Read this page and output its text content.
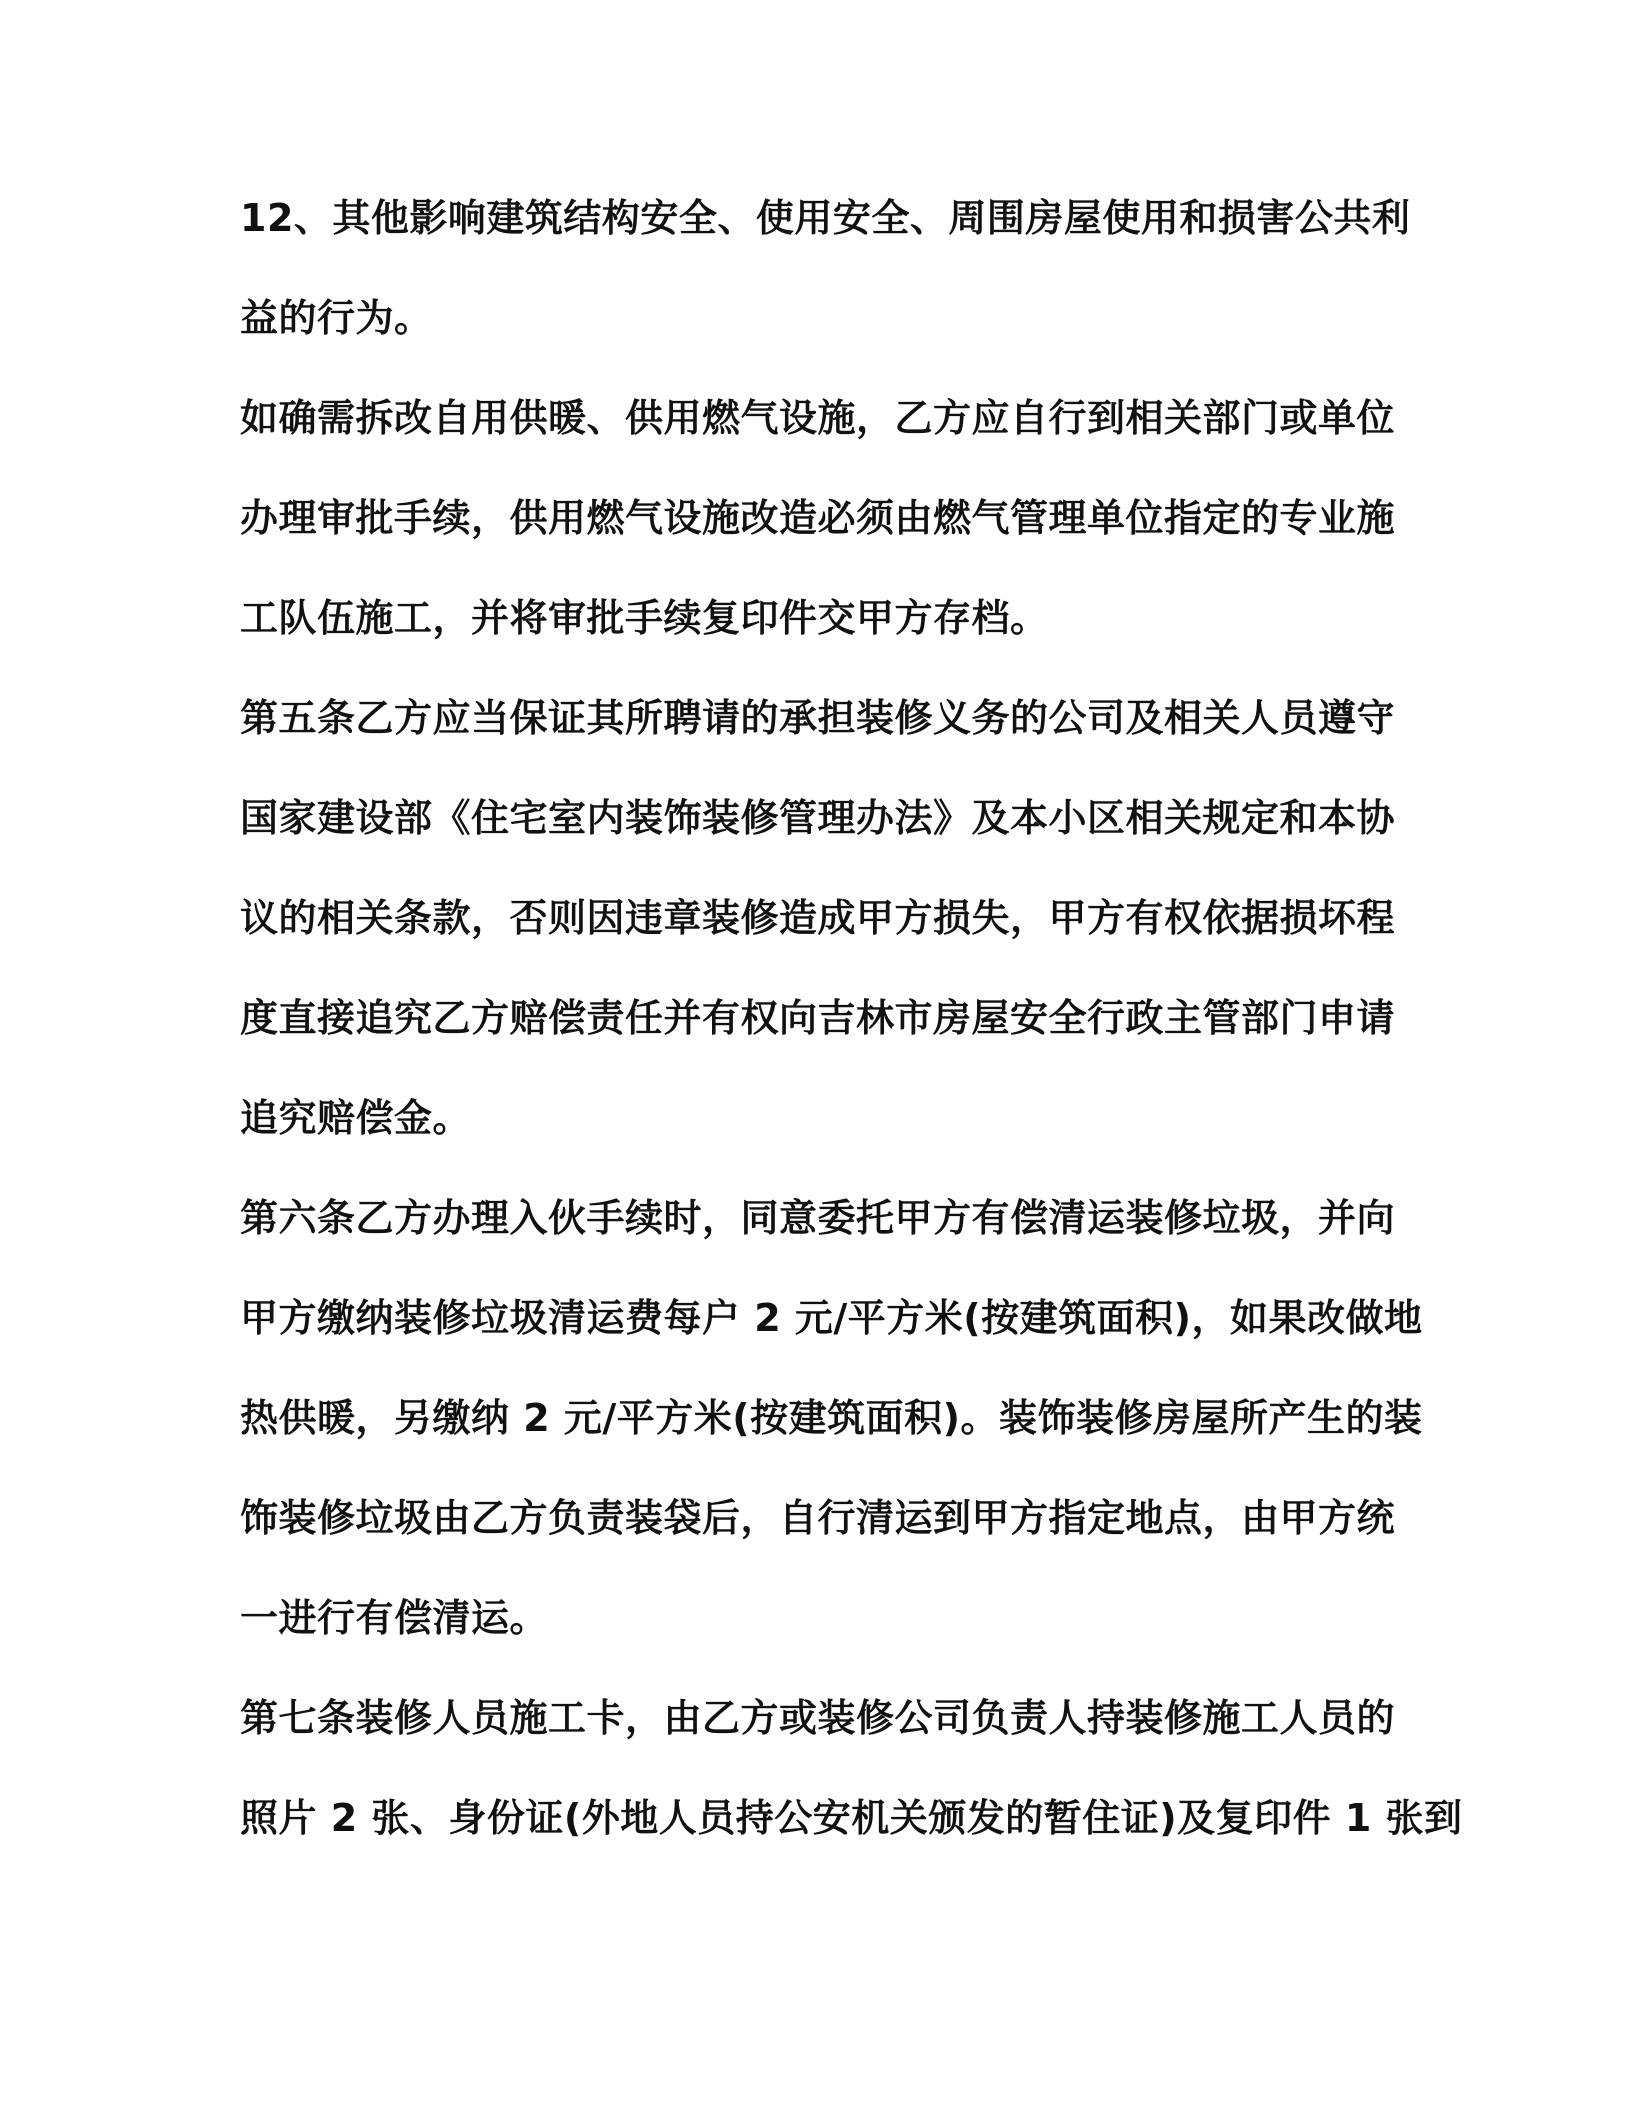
12、其他影响建筑结构安全、使用安全、周围房屋使用和损害公共利

益的行为。

如确需拆改自用供暖、供用燃气设施，乙方应自行到相关部门或单位

办理审批手续，供用燃气设施改造必须由燃气管理单位指定的专业施

工队伍施工，并将审批手续复印件交甲方存档。

第五条乙方应当保证其所聘请的承担装修义务的公司及相关人员遵守

国家建设部《住宅室内装饰装修管理办法》及本小区相关规定和本协

议的相关条款，否则因违章装修造成甲方损失，甲方有权依据损坏程

度直接追究乙方赔偿责任并有权向吉林市房屋安全行政主管部门申请

追究赔偿金。

第六条乙方办理入伙手续时，同意委托甲方有偿清运装修垃圾，并向

甲方缴纳装修垃圾清运费每户 2 元/平方米(按建筑面积)，如果改做地

热供暖，另缴纳 2 元/平方米(按建筑面积)。装饰装修房屋所产生的装

饰装修垃圾由乙方负责装袋后，自行清运到甲方指定地点，由甲方统

一进行有偿清运。

第七条装修人员施工卡，由乙方或装修公司负责人持装修施工人员的

照片 2 张、身份证(外地人员持公安机关颁发的暂住证)及复印件 1 张到
